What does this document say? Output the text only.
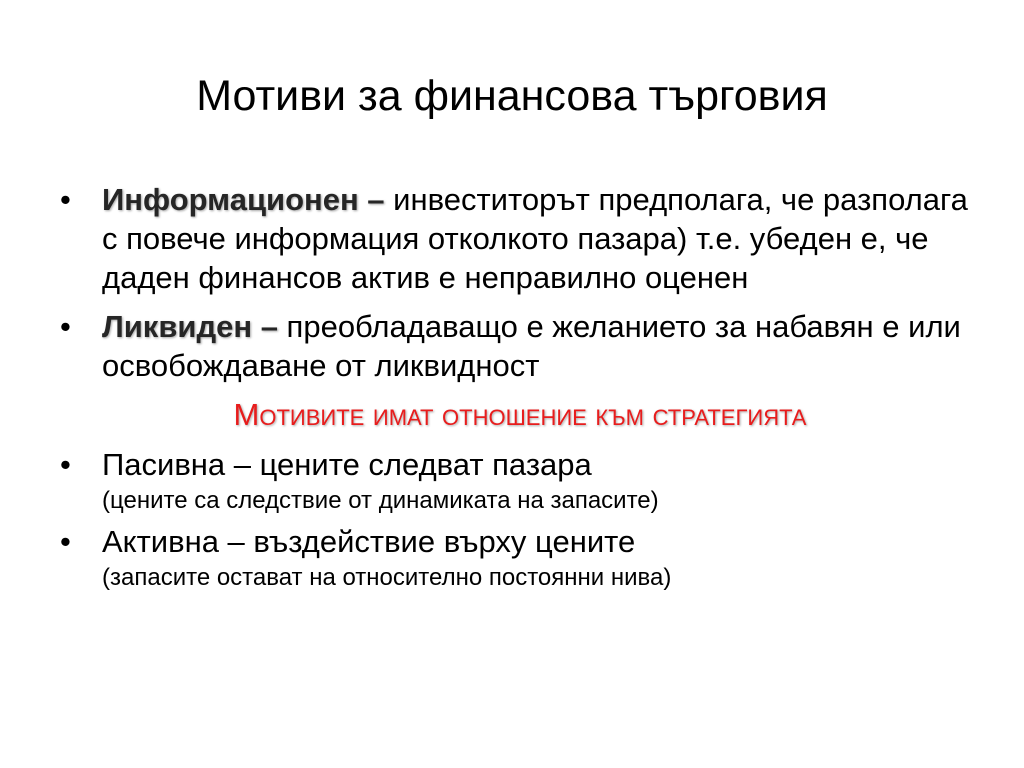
Мотиви за финансова търговия
• Информационен – инвеститорът предполага, че разполага с повече информация отколкото пазара) т.е. убеден е, че даден финансов актив е неправилно оценен
• Ликвиден – преобладаващо е желанието за набавян е или освобождаване от ликвидност
Мотивите имат отношение към стратегията
• Пасивна – цените следват пазара
(цените са следствие от динамиката на запасите)
• Активна – въздействие върху цените
(запасите остават на относително постоянни нива)
